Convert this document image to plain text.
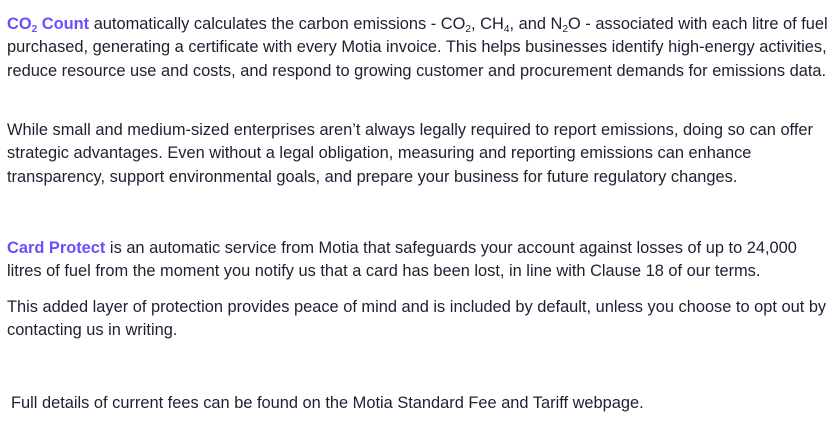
$CO_2$ Count automatically calculates the carbon emissions - $CO_2$, $CH_4$, and $N_2O$ - associated with each litre of fuel purchased, generating a certificate with every Motia invoice. This helps businesses identify high-energy activities, reduce resource use and costs, and respond to growing customer and procurement demands for emissions data.

While small and medium-sized enterprises aren’t always legally required to report emissions, doing so can offer strategic advantages. Even without a legal obligation, measuring and reporting emissions can enhance transparency, support environmental goals, and prepare your business for future regulatory changes.

Card Protect is an automatic service from Motia that safeguards your account against losses of up to 24,000 litres of fuel from the moment you notify us that a card has been lost, in line with Clause 18 of our terms.

This added layer of protection provides peace of mind and is included by default, unless you choose to opt out by contacting us in writing.

Full details of current fees can be found on the Motia Standard Fee and Tariff webpage.
